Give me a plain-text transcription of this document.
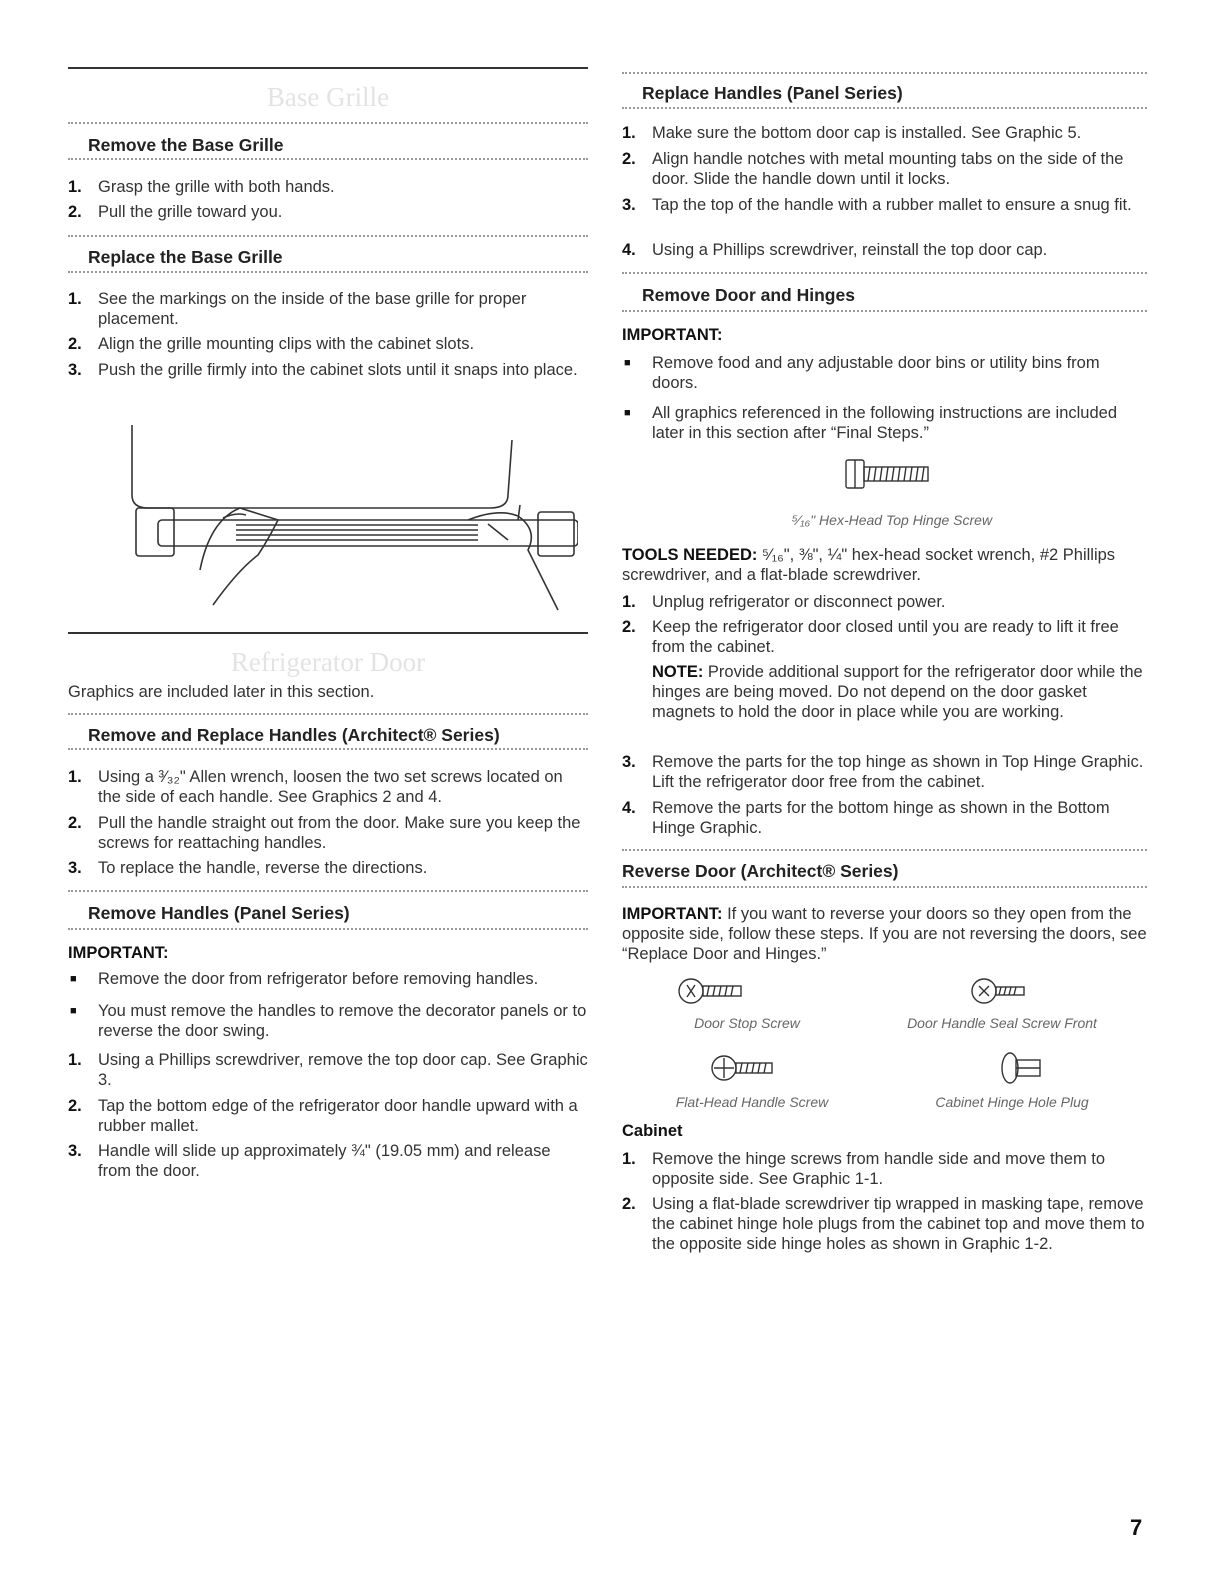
Base Grille
Remove the Base Grille
1. Grasp the grille with both hands.
2. Pull the grille toward you.
Replace the Base Grille
1. See the markings on the inside of the base grille for proper placement.
2. Align the grille mounting clips with the cabinet slots.
3. Push the grille firmly into the cabinet slots until it snaps into place.
Refrigerator Door
Graphics are included later in this section.
Remove and Replace Handles (Architect® Series)
1. Using a ³⁄₃₂" Allen wrench, loosen the two set screws located on the side of each handle. See Graphics 2 and 4.
2. Pull the handle straight out from the door. Make sure you keep the screws for reattaching handles.
3. To replace the handle, reverse the directions.
Remove Handles (Panel Series)
IMPORTANT:
■ Remove the door from refrigerator before removing handles.
■ You must remove the handles to remove the decorator panels or to reverse the door swing.
1. Using a Phillips screwdriver, remove the top door cap. See Graphic 3.
2. Tap the bottom edge of the refrigerator door handle upward with a rubber mallet.
3. Handle will slide up approximately ¾" (19.05 mm) and release from the door.
Replace Handles (Panel Series)
1. Make sure the bottom door cap is installed. See Graphic 5.
2. Align handle notches with metal mounting tabs on the side of the door. Slide the handle down until it locks.
3. Tap the top of the handle with a rubber mallet to ensure a snug fit.
4. Using a Phillips screwdriver, reinstall the top door cap.
Remove Door and Hinges
IMPORTANT:
■ Remove food and any adjustable door bins or utility bins from doors.
■ All graphics referenced in the following instructions are included later in this section after “Final Steps.”
⁵⁄₁₆" Hex-Head Top Hinge Screw
TOOLS NEEDED: ⁵⁄₁₆", ⅜", ¼" hex-head socket wrench, #2 Phillips screwdriver, and a flat-blade screwdriver.
1. Unplug refrigerator or disconnect power.
2. Keep the refrigerator door closed until you are ready to lift it free from the cabinet.
NOTE: Provide additional support for the refrigerator door while the hinges are being moved. Do not depend on the door gasket magnets to hold the door in place while you are working.
3. Remove the parts for the top hinge as shown in Top Hinge Graphic. Lift the refrigerator door free from the cabinet.
4. Remove the parts for the bottom hinge as shown in the Bottom Hinge Graphic.
Reverse Door (Architect® Series)
IMPORTANT: If you want to reverse your doors so they open from the opposite side, follow these steps. If you are not reversing the doors, see “Replace Door and Hinges.”
Door Stop Screw	Door Handle Seal Screw Front
Flat-Head Handle Screw	Cabinet Hinge Hole Plug
Cabinet
1. Remove the hinge screws from handle side and move them to opposite side. See Graphic 1-1.
2. Using a flat-blade screwdriver tip wrapped in masking tape, remove the cabinet hinge hole plugs from the cabinet top and move them to the opposite side hinge holes as shown in Graphic 1-2.
7
